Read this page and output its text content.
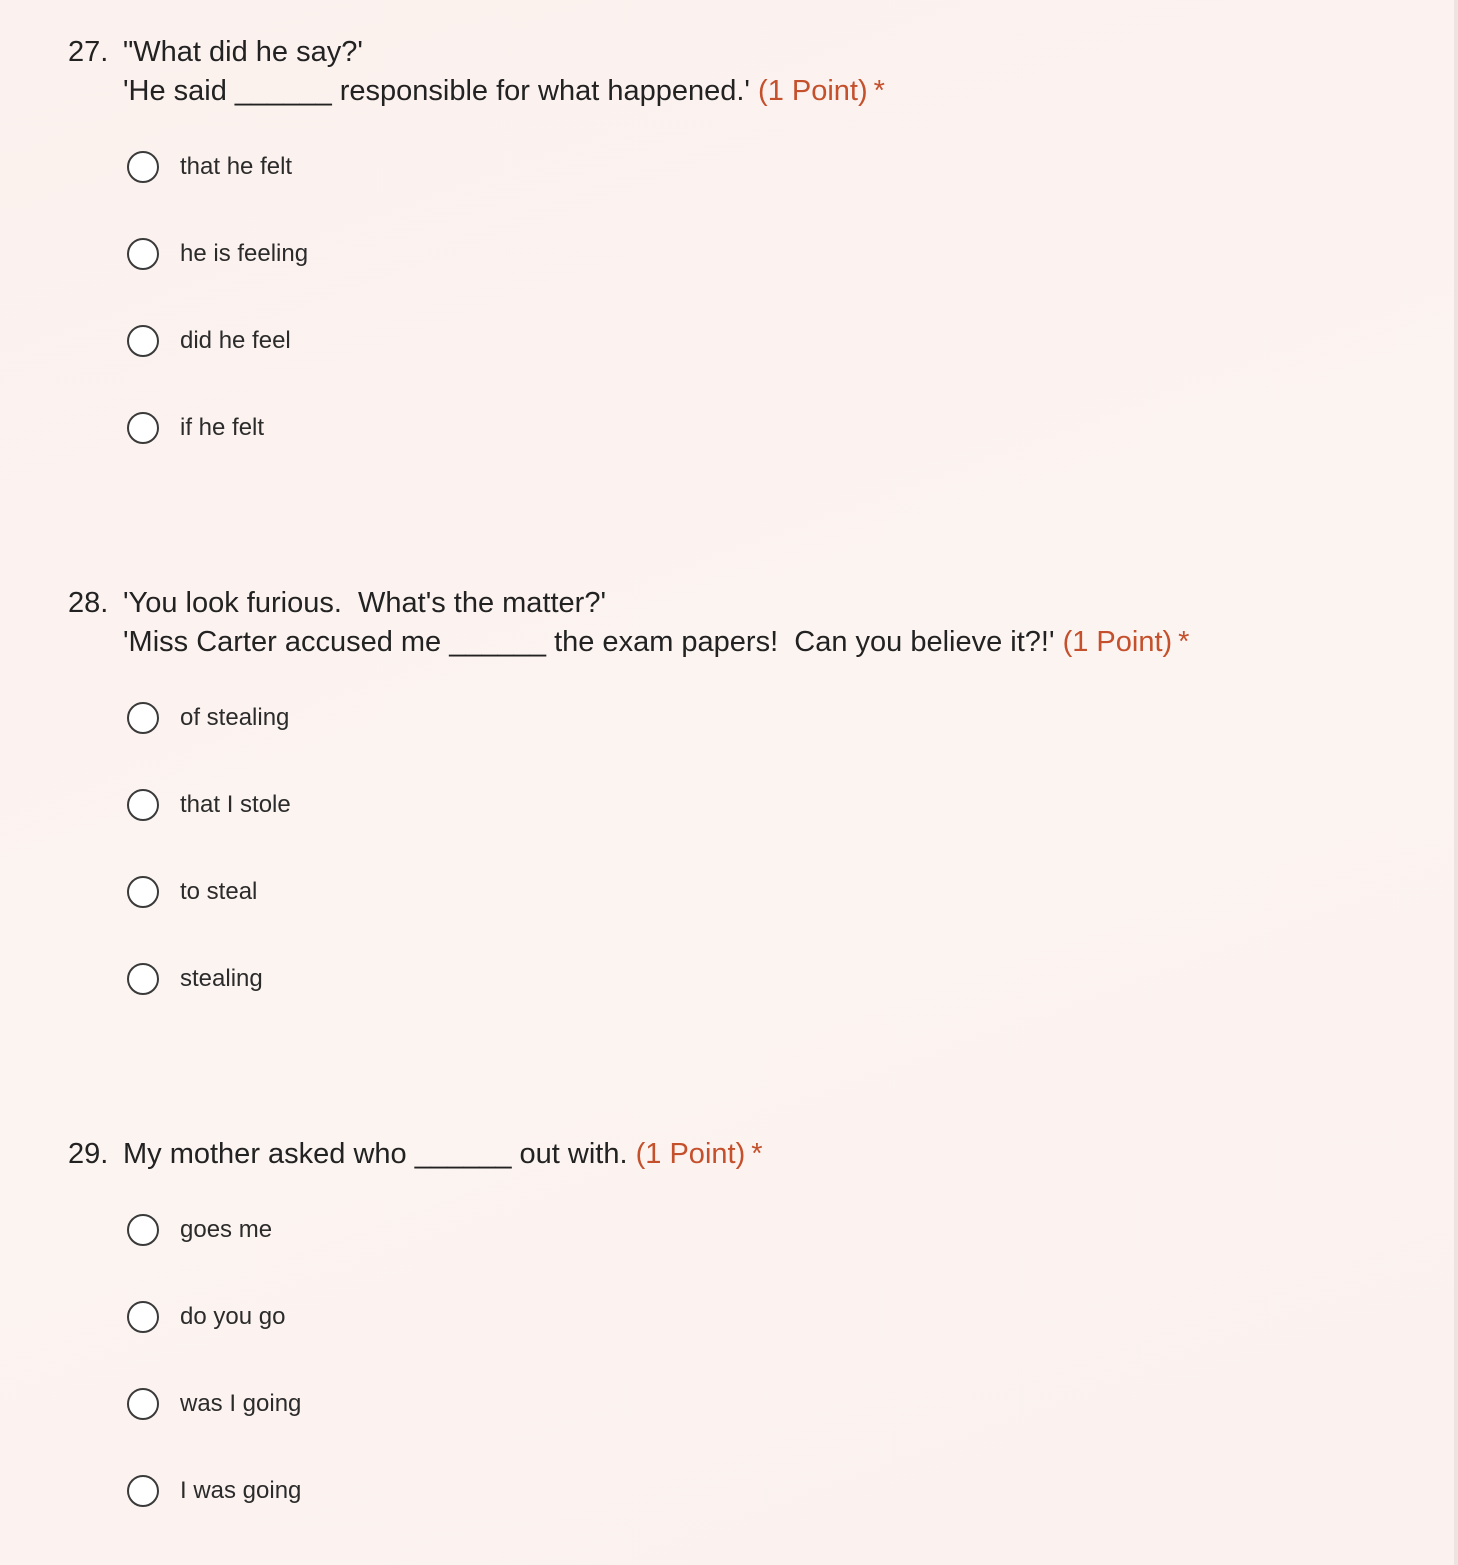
27. "What did he say?'
'He said ______ responsible for what happened.' (1 Point) *
that he felt
he is feeling
did he feel
if he felt
28. 'You look furious.  What's the matter?'
'Miss Carter accused me ______ the exam papers!  Can you believe it?!' (1 Point) *
of stealing
that I stole
to steal
stealing
29. My mother asked who ______ out with. (1 Point) *
goes me
do you go
was I going
I was going
